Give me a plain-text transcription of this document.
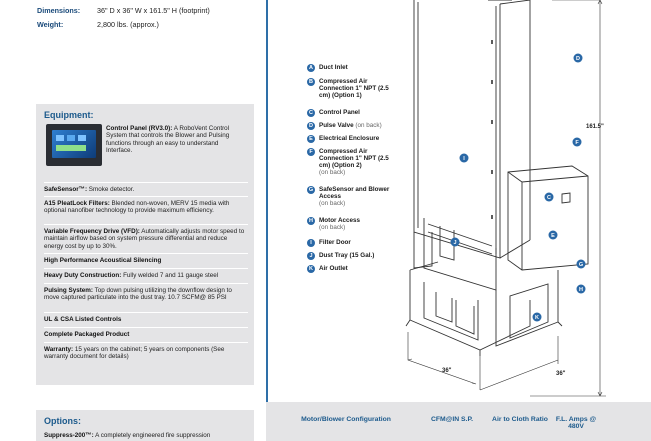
Dimensions: 36" D x 36" W x 161.5" H (footprint)
Weight:	2,800 lbs. (approx.)
Equipment:
Control Panel (RV3.0): A RoboVent Control System that controls the Blower and Pulsing functions through an easy to understand Interface.
SafeSensor™: Smoke detector.
A15 PleatLock Filters: Blended non-woven, MERV 15 media with optional nanofiber technology to provide maximum efficiency.
Variable Frequency Drive (VFD): Automatically adjusts motor speed to maintain airflow based on system pressure differential and reduce energy cost by up to 30%.
High Performance Acoustical Silencing
Heavy Duty Construction: Fully welded 7 and 11 gauge steel
Pulsing System: Top down pulsing utilizing the downflow design to move captured particulate into the dust tray. 10.7 SCFM@ 85 PSI
UL & CSA Listed Controls
Complete Packaged Product
Warranty: 15 years on the cabinet; 5 years on components (See warranty document for details)
Options:
Suppress-200™: A completely engineered fire suppression
A Duct Inlet
B Compressed Air Connection 1" NPT (2.5 cm) (Option 1)
C Control Panel
D Pulse Valve (on back)
E Electrical Enclosure
F	Compressed Air Connection 1" NPT (2.5 cm) (Option 2)
(on back)
G SafeSensor and Blower Access
(on back)
H Motor Access
(on back)
I	Filter Door
J	Dust Tray (15 Gal.)
K Air Outlet
161.5"
36"	36"
D
F
I
C
E
J
G
H
K
Motor/Blower Configuration	CFM@IN S.P.	Air to Cloth Ratio F.L. Amps @ 480V
